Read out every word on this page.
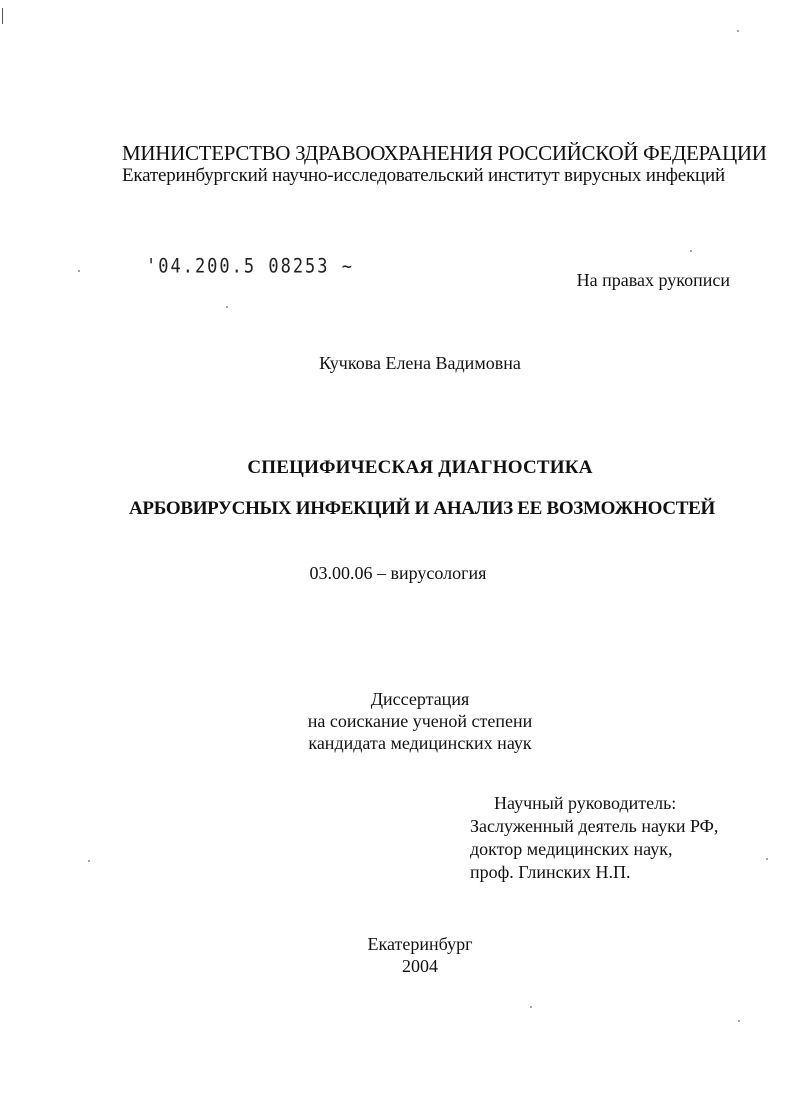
МИНИСТЕРСТВО ЗДРАВООХРАНЕНИЯ РОССИЙСКОЙ ФЕДЕРАЦИИ
Екатеринбургский научно-исследовательский институт вирусных инфекций
'04.200.5 08253 ~
На правах рукописи
Кучкова Елена Вадимовна
СПЕЦИФИЧЕСКАЯ ДИАГНОСТИКА
АРБОВИРУСНЫХ ИНФЕКЦИЙ И АНАЛИЗ ЕЕ ВОЗМОЖНОСТЕЙ
03.00.06 – вирусология
Диссертация
на соискание ученой степени
кандидата медицинских наук
Научный руководитель:
Заслуженный деятель науки РФ,
доктор медицинских наук,
проф. Глинских Н.П.
Екатеринбург
2004
